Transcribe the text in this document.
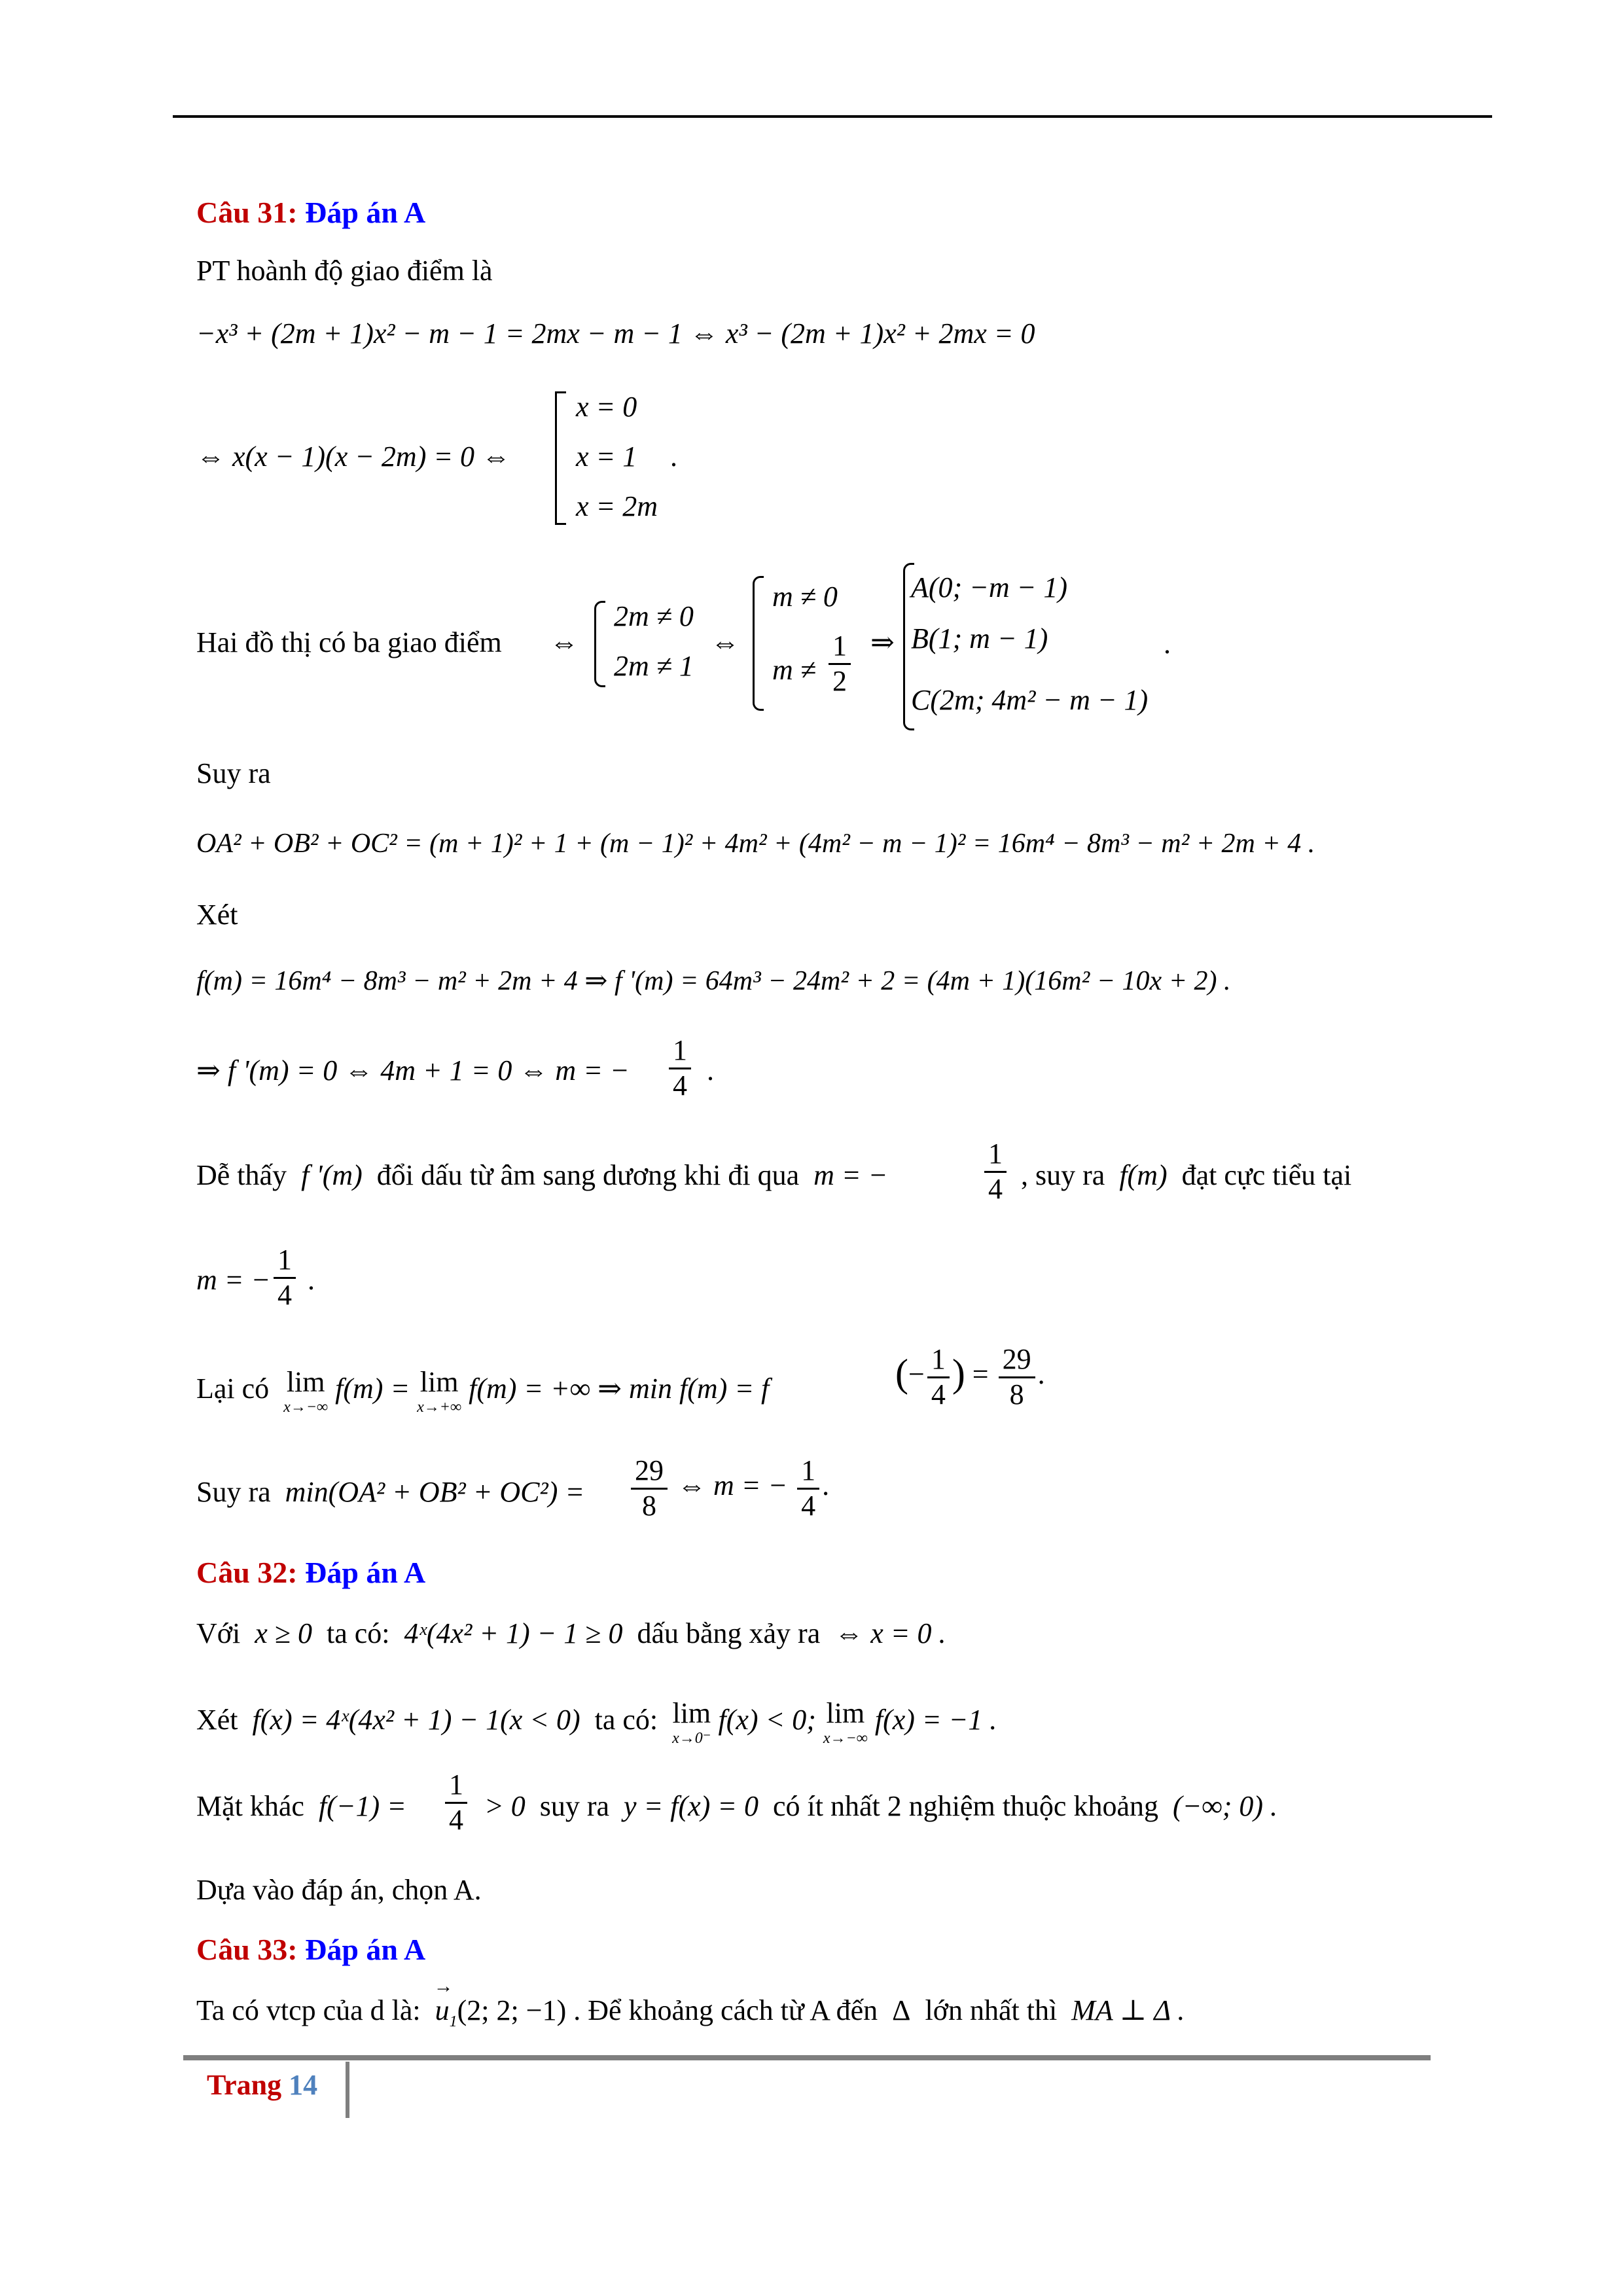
Câu 31: Đáp án A
PT hoành độ giao điểm là
−x³ + (2m + 1)x² − m − 1 = 2mx − m − 1 ⇔ x³ − (2m + 1)x² + 2mx = 0
⇔ x(x − 1)(x − 2m) = 0 ⇔
x = 0
x = 1
x = 2m
.
Hai đồ thị có ba giao điểm ⇔
2m ≠ 0
2m ≠ 1
⇔
m ≠ 0
$m \ne \frac{1}{2}$ ⇒
A(0; −m − 1)
B(1; m − 1)
C(2m; 4m² − m − 1)
.
Suy ra
OA² + OB² + OC² = (m + 1)² + 1 + (m − 1)² + 4m² + (4m² − m − 1)² = 16m⁴ − 8m³ − m² + 2m + 4 .
Xét
f(m) = 16m⁴ − 8m³ − m² + 2m + 4 ⇒ f '(m) = 64m³ − 24m² + 2 = (4m + 1)(16m² − 10x + 2) .
⇒ f '(m) = 0 ⇔ 4m + 1 = 0 ⇔ m = − $\frac{1}{4}$ .
Dễ thấy f '(m) đổi dấu từ âm sang dương khi đi qua m = −	$\frac{1}{4}$ , suy ra f(m) đạt cực tiểu tại
m = − $\frac{1}{4}$ .
Lại có lim
x→−∞
f(m) = lim
x→+∞
f(m) = +∞ ⇒ min f(m) = f	(− $\frac{1}{4}$ ) = $\frac{29}{8}$ .
Suy ra $\min(OA^2 + OB^2 + OC^2) = \frac{29}{8}$ ⇔ m = − $\frac{1}{4}$ .
Câu 32: Đáp án A
Với x ≥ 0 ta có: 4ˣ(4x² + 1) − 1 ≥ 0 dấu bằng xảy ra ⇔ x = 0 .
Xét f(x) = 4ˣ(4x² + 1) − 1(x < 0) ta có: lim
x→0⁻
f(x) < 0; lim
x→−∞
f(x) = −1 .
Mặt khác $f(-1) = \frac{1}{4} > 0$ suy ra y = f(x) = 0 có ít nhất 2 nghiệm thuộc khoảng (−∞; 0) .
Dựa vào đáp án, chọn A.
Câu 33: Đáp án A
Ta có vtcp của d là:  → $u_1(2$; 2; −1) . Để khoảng cách từ A đến Δ lớn nhất thì MA ⊥ Δ .
Trang 14
